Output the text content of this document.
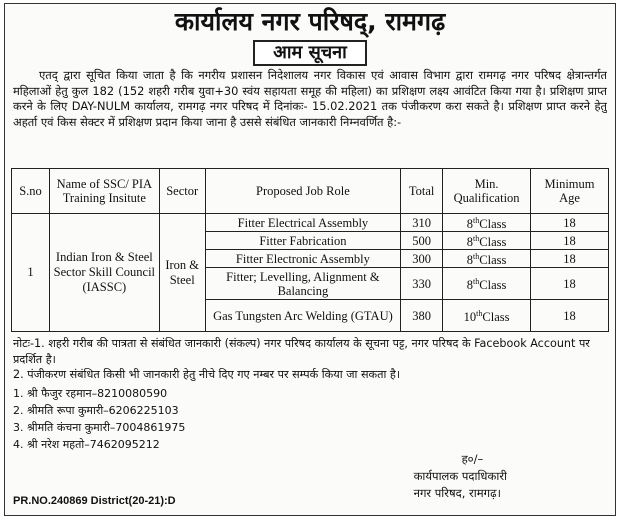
कार्यालय नगर परिषद्, रामगढ़
आम सूचना
एतद् द्वारा सूचित किया जाता है कि नगरीय प्रशासन निदेशालय नगर विकास एवं आवास विभाग द्वारा रामगढ़ नगर परिषद क्षेत्रान्तर्गत महिलाओं हेतु कुल 182 (152 शहरी गरीब युवा+30 स्वंय सहायता समूह की महिला) का प्रशिक्षण लक्ष्य आवंटित किया गया है। प्रशिक्षण प्राप्त करने के लिए DAY-NULM कार्यालय, रामगढ़ नगर परिषद में दिनांकः- 15.02.2021 तक पंजीकरण करा सकते है। प्रशिक्षण प्राप्त करने हेतु अहर्ता एवं किस सेक्टर में प्रशिक्षण प्रदान किया जाना है उससे संबंधित जानकारी निम्नवर्णित है:-
S.no	Name of SSC/ PIA Training Insitute	Sector	Proposed Job Role	Total	Min. Qualification	Minimum Age
1	Indian Iron & Steel Sector Skill Council (IASSC)	Iron & Steel	Fitter Electrical Assembly	310	8thClass	18
			Fitter Fabrication	500	8thClass	18
			Fitter Electronic Assembly	300	8thClass	18
			Fitter; Levelling, Alignment & Balancing	330	8thClass	18
			Gas Tungsten Arc Welding (GTAU)	380	10thClass	18
नोटः-1. शहरी गरीब की पात्रता से संबंधित जानकारी (संकल्प) नगर परिषद कार्यालय के सूचना पट्ट, नगर परिषद के Facebook Account पर प्रदर्शित है।
2. पंजीकरण संबंधित किसी भी जानकारी हेतु नीचे दिए गए नम्बर पर सम्पर्क किया जा सकता है।
1. श्री फैजुर रहमान–8210080590
2. श्रीमति रूपा कुमारी–6206225103
3. श्रीमति कंचना कुमारी–7004861975
4. श्री नरेश महतो–7462095212
ह०/–
कार्यपालक पदाधिकारी
नगर परिषद, रामगढ़।
PR.NO.240869 District(20-21):D
